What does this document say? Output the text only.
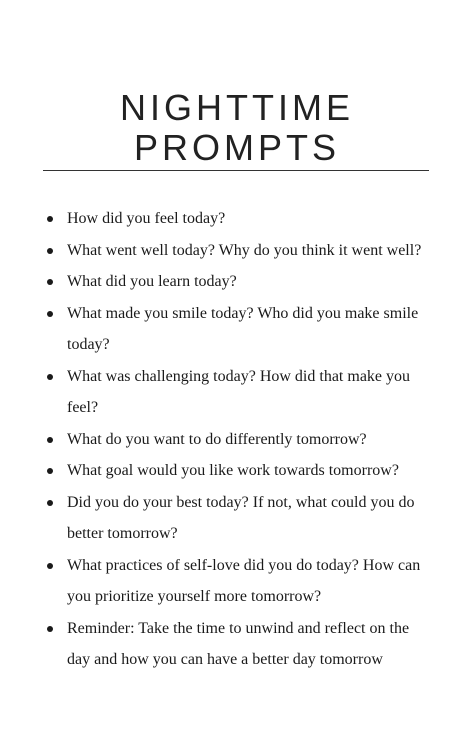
NIGHTTIME
PROMPTS
How did you feel today?
What went well today? Why do you think it went well?
What did you learn today?
What made you smile today? Who did you make smile
today?
What was challenging today? How did that make you
feel?
What do you want to do differently tomorrow?
What goal would you like work towards tomorrow?
Did you do your best today? If not, what could you do
better tomorrow?
What practices of self-love did you do today? How can
you prioritize yourself more tomorrow?
Reminder: Take the time to unwind and reflect on the
day and how you can have a better day tomorrow
